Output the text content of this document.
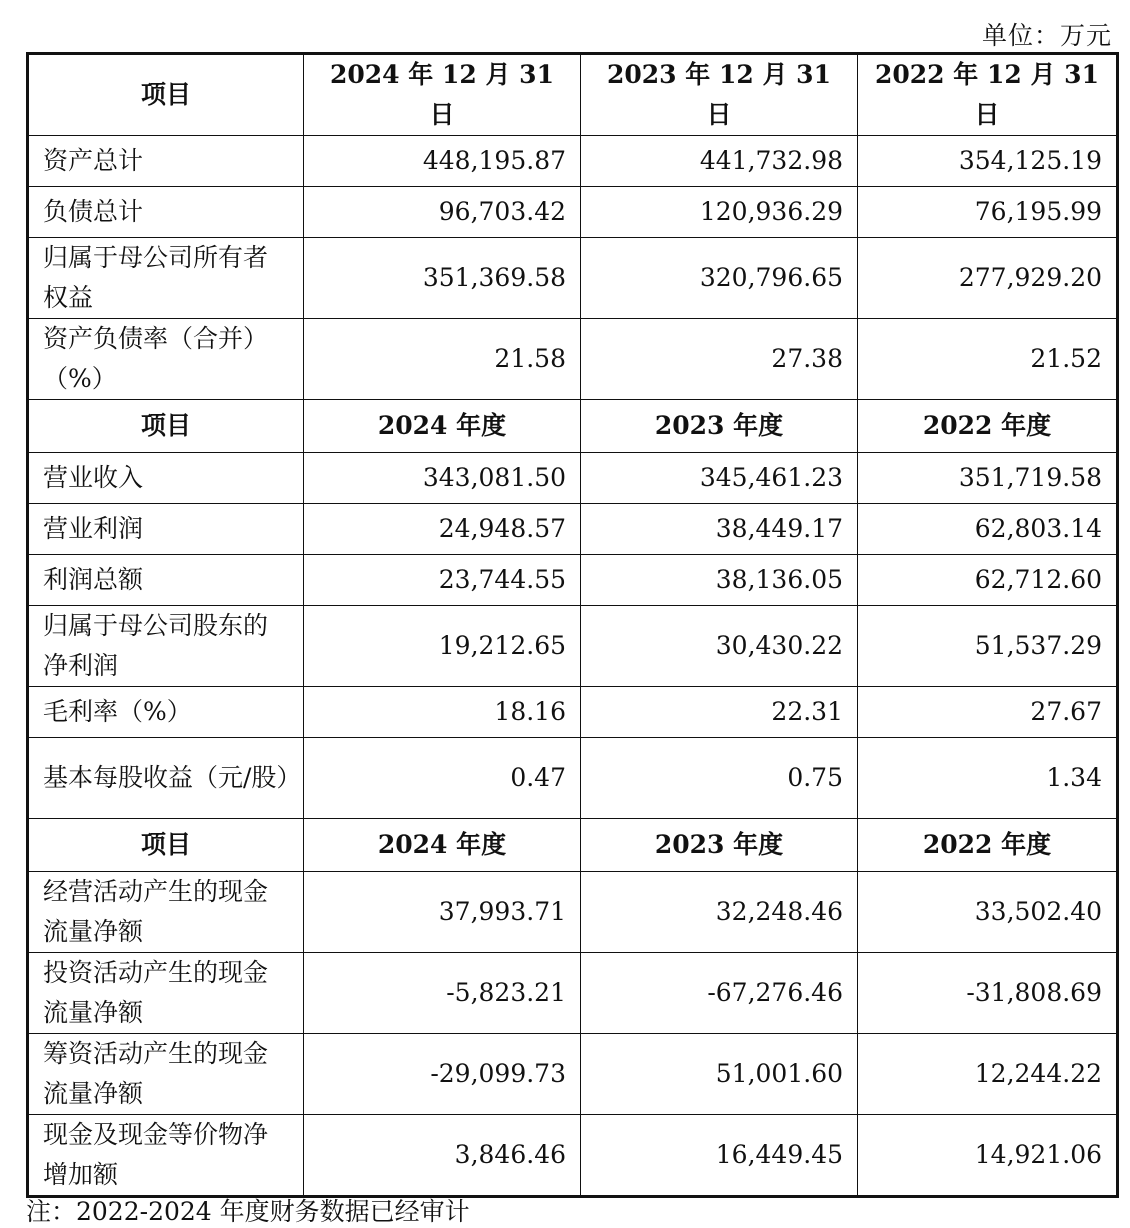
单位：万元
项目	2024 年 12 月 31 日	2023 年 12 月 31 日	2022 年 12 月 31 日
资产总计	448,195.87	441,732.98	354,125.19
负债总计	96,703.42	120,936.29	76,195.99
归属于母公司所有者权益	351,369.58	320,796.65	277,929.20
资产负债率（合并）（%）	21.58	27.38	21.52
项目	2024 年度	2023 年度	2022 年度
营业收入	343,081.50	345,461.23	351,719.58
营业利润	24,948.57	38,449.17	62,803.14
利润总额	23,744.55	38,136.05	62,712.60
归属于母公司股东的净利润	19,212.65	30,430.22	51,537.29
毛利率（%）	18.16	22.31	27.67
基本每股收益（元/股）	0.47	0.75	1.34
项目	2024 年度	2023 年度	2022 年度
经营活动产生的现金流量净额	37,993.71	32,248.46	33,502.40
投资活动产生的现金流量净额	-5,823.21	-67,276.46	-31,808.69
筹资活动产生的现金流量净额	-29,099.73	51,001.60	12,244.22
现金及现金等价物净增加额	3,846.46	16,449.45	14,921.06
注：2022-2024 年度财务数据已经审计
